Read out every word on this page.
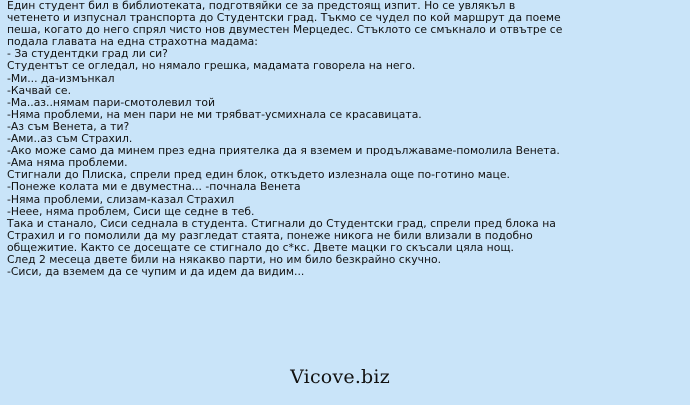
Един студент бил в библиотеката, подготвяйки се за предстоящ изпит. Но се увлякъл в
четенето и изпуснал транспорта до Студентски град. Тъкмо се чудел по кой маршрут да поеме
пеша, когато до него спрял чисто нов двуместен Мерцедес. Стъклото се смъкнало и отвътре се
подала главата на една страхотна мадама:
- За студентдки град ли си?
Студентът се огледал, но нямало грешка, мадамата говорела на него.
-Ми... да-измънкал
-Качвай се.
-Ма..аз..нямам пари-смотолевил той
-Няма проблеми, на мен пари не ми трябват-усмихнала се красавицата.
-Аз съм Венета, а ти?
-Ами..аз съм Страхил.
-Ако може само да минем през една приятелка да я вземем и продължаваме-помолила Венета.
-Ама няма проблеми.
Стигнали до Плиска, спрели пред един блок, откъдето излезнала още по-готино маце.
-Понеже колата ми е двуместна... -почнала Венета
-Няма проблеми, слизам-казал Страхил
-Нееe, няма проблем, Сиси ще седне в теб.
Така и станало, Сиси седнала в студента. Стигнали до Студентски град, спрели пред блока на
Страхил и го помолили да му разгледат стаята, понеже никога не били влизали в подобно
общежитие. Както се досещате се стигнало до с*кс. Двете мацки го скъсали цяла нощ.
След 2 месеца двете били на някакво парти, но им било безкрайно скучно.
-Сиси, да вземем да се чупим и да идем да видим...
Vicove.biz
